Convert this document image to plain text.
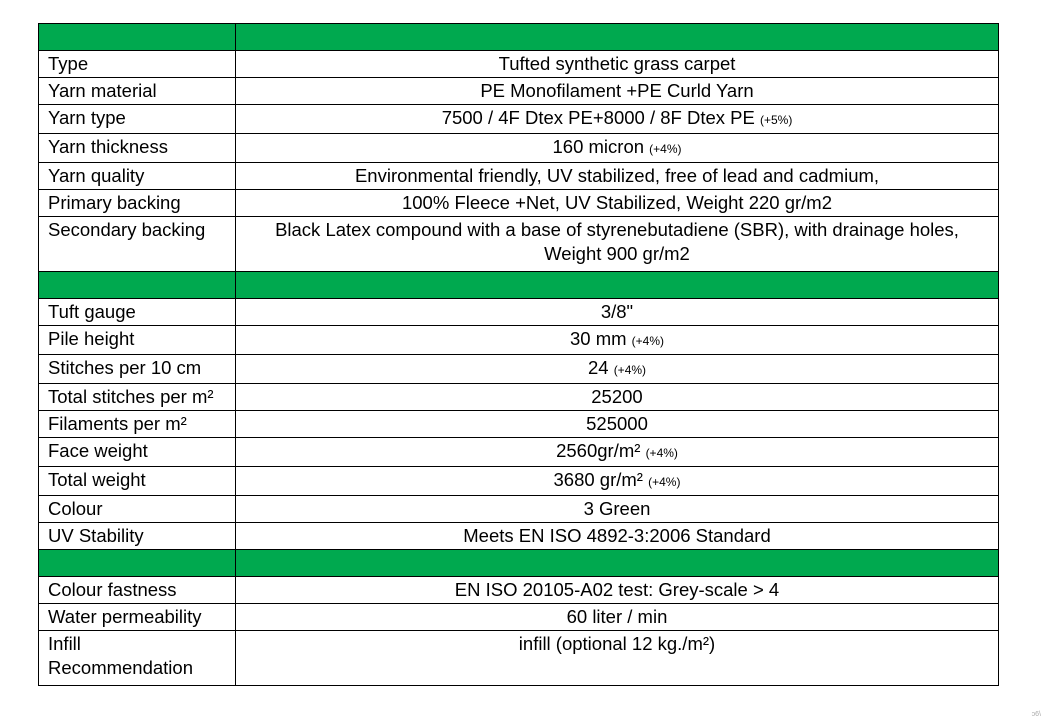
Type	Tufted synthetic grass carpet
Yarn material	PE Monofilament +PE Curld Yarn
Yarn type	7500 / 4F Dtex PE+8000 / 8F Dtex PE (+5%)
Yarn thickness	160 micron (+4%)
Yarn quality	Environmental friendly, UV stabilized, free of lead and cadmium,
Primary backing	100% Fleece +Net, UV Stabilized, Weight 220 gr/m2
Secondary backing	Black Latex compound with a base of styrenebutadiene (SBR), with drainage holes, Weight 900 gr/m2

Tuft gauge	3/8"
Pile height	30 mm (+4%)
Stitches per 10 cm	24 (+4%)
Total stitches per m²	25200
Filaments per m²	525000
Face weight	2560gr/m² (+4%)
Total weight	3680 gr/m² (+4%)
Colour	3 Green
UV Stability	Meets EN ISO 4892-3:2006 Standard

Colour fastness	EN ISO 20105-A02 test: Grey-scale > 4
Water permeability	60 liter / min
Infill Recommendation	infill (optional 12 kg./m²)
ɔ6\
